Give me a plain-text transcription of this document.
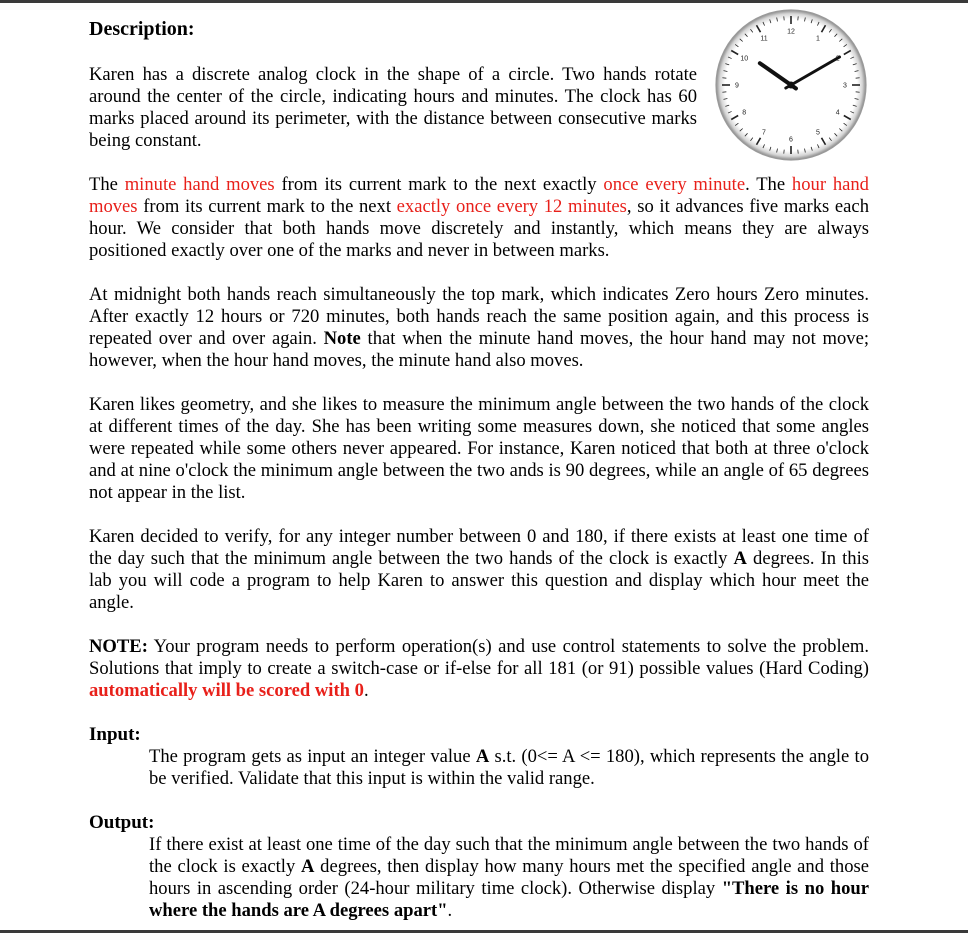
Description:

Karen has a discrete analog clock in the shape of a circle. Two hands rotate around the center of the circle, indicating hours and minutes. The clock has 60 marks placed around its perimeter, with the distance between consecutive marks being constant.

The minute hand moves from its current mark to the next exactly once every minute. The hour hand moves from its current mark to the next exactly once every 12 minutes, so it advances five marks each hour. We consider that both hands move discretely and instantly, which means they are always positioned exactly over one of the marks and never in between marks.

At midnight both hands reach simultaneously the top mark, which indicates Zero hours Zero minutes. After exactly 12 hours or 720 minutes, both hands reach the same position again, and this process is repeated over and over again. Note that when the minute hand moves, the hour hand may not move; however, when the hour hand moves, the minute hand also moves.

Karen likes geometry, and she likes to measure the minimum angle between the two hands of the clock at different times of the day. She has been writing some measures down, she noticed that some angles were repeated while some others never appeared. For instance, Karen noticed that both at three o'clock and at nine o'clock the minimum angle between the two ands is 90 degrees, while an angle of 65 degrees not appear in the list.

Karen decided to verify, for any integer number between 0 and 180, if there exists at least one time of the day such that the minimum angle between the two hands of the clock is exactly A degrees. In this lab you will code a program to help Karen to answer this question and display which hour meet the angle.

NOTE: Your program needs to perform operation(s) and use control statements to solve the problem. Solutions that imply to create a switch-case or if-else for all 181 (or 91) possible values (Hard Coding) automatically will be scored with 0.

Input:

The program gets as input an integer value A s.t. (0<= A <= 180), which represents the angle to be verified. Validate that this input is within the valid range.

Output:

If there exist at least one time of the day such that the minimum angle between the two hands of the clock is exactly A degrees, then display how many hours met the specified angle and those hours in ascending order (24-hour military time clock). Otherwise display "There is no hour where the hands are A degrees apart".

12
1
3
4
5
6
7
8
9
10
11
